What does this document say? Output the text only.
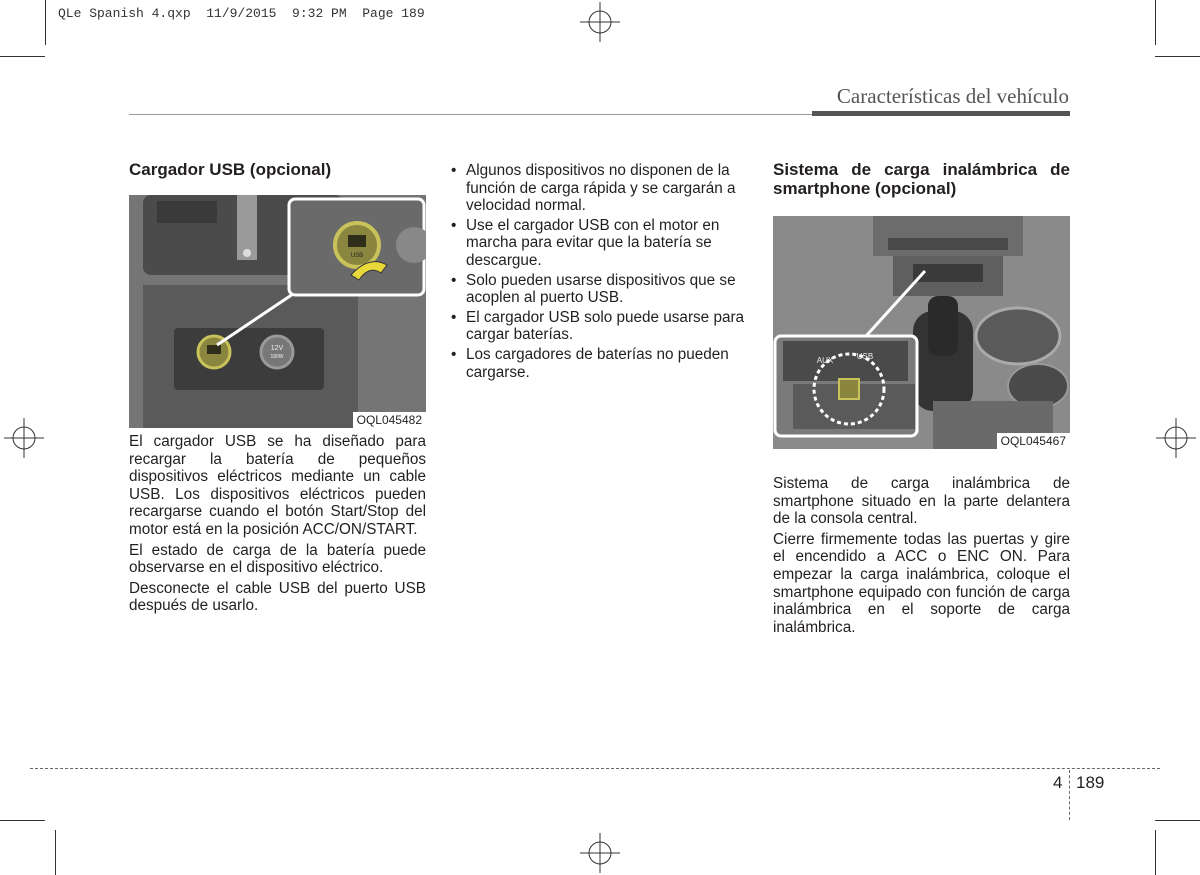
QLe Spanish 4.qxp  11/9/2015  9:32 PM  Page 189
Características del vehículo
Cargador USB (opcional)
12V
180W
USB
OQL045482

El cargador USB se ha diseñado para recargar la batería de pequeños dispositivos eléctricos mediante un cable USB. Los dispositivos eléctricos pueden recargarse cuando el botón Start/Stop del motor está en la posición ACC/ON/START.

El estado de carga de la batería puede observarse en el dispositivo eléctrico.

Desconecte el cable USB del puerto USB después de usarlo.

• Algunos dispositivos no disponen de la función de carga rápida y se cargarán a velocidad normal.
• Use el cargador USB con el motor en marcha para evitar que la batería se descargue.
• Solo pueden usarse dispositivos que se acoplen al puerto USB.
• El cargador USB solo puede usarse para cargar baterías.
• Los cargadores de baterías no pueden cargarse.
Sistema de carga inalámbrica de smartphone (opcional)
AUX	USB
OQL045467

Sistema de carga inalámbrica de smartphone situado en la parte delantera de la consola central.

Cierre firmemente todas las puertas y gire el encendido a ACC o ENC ON. Para empezar la carga inalámbrica, coloque el smartphone equipado con función de carga inalámbrica en el soporte de carga inalámbrica.

4 189
